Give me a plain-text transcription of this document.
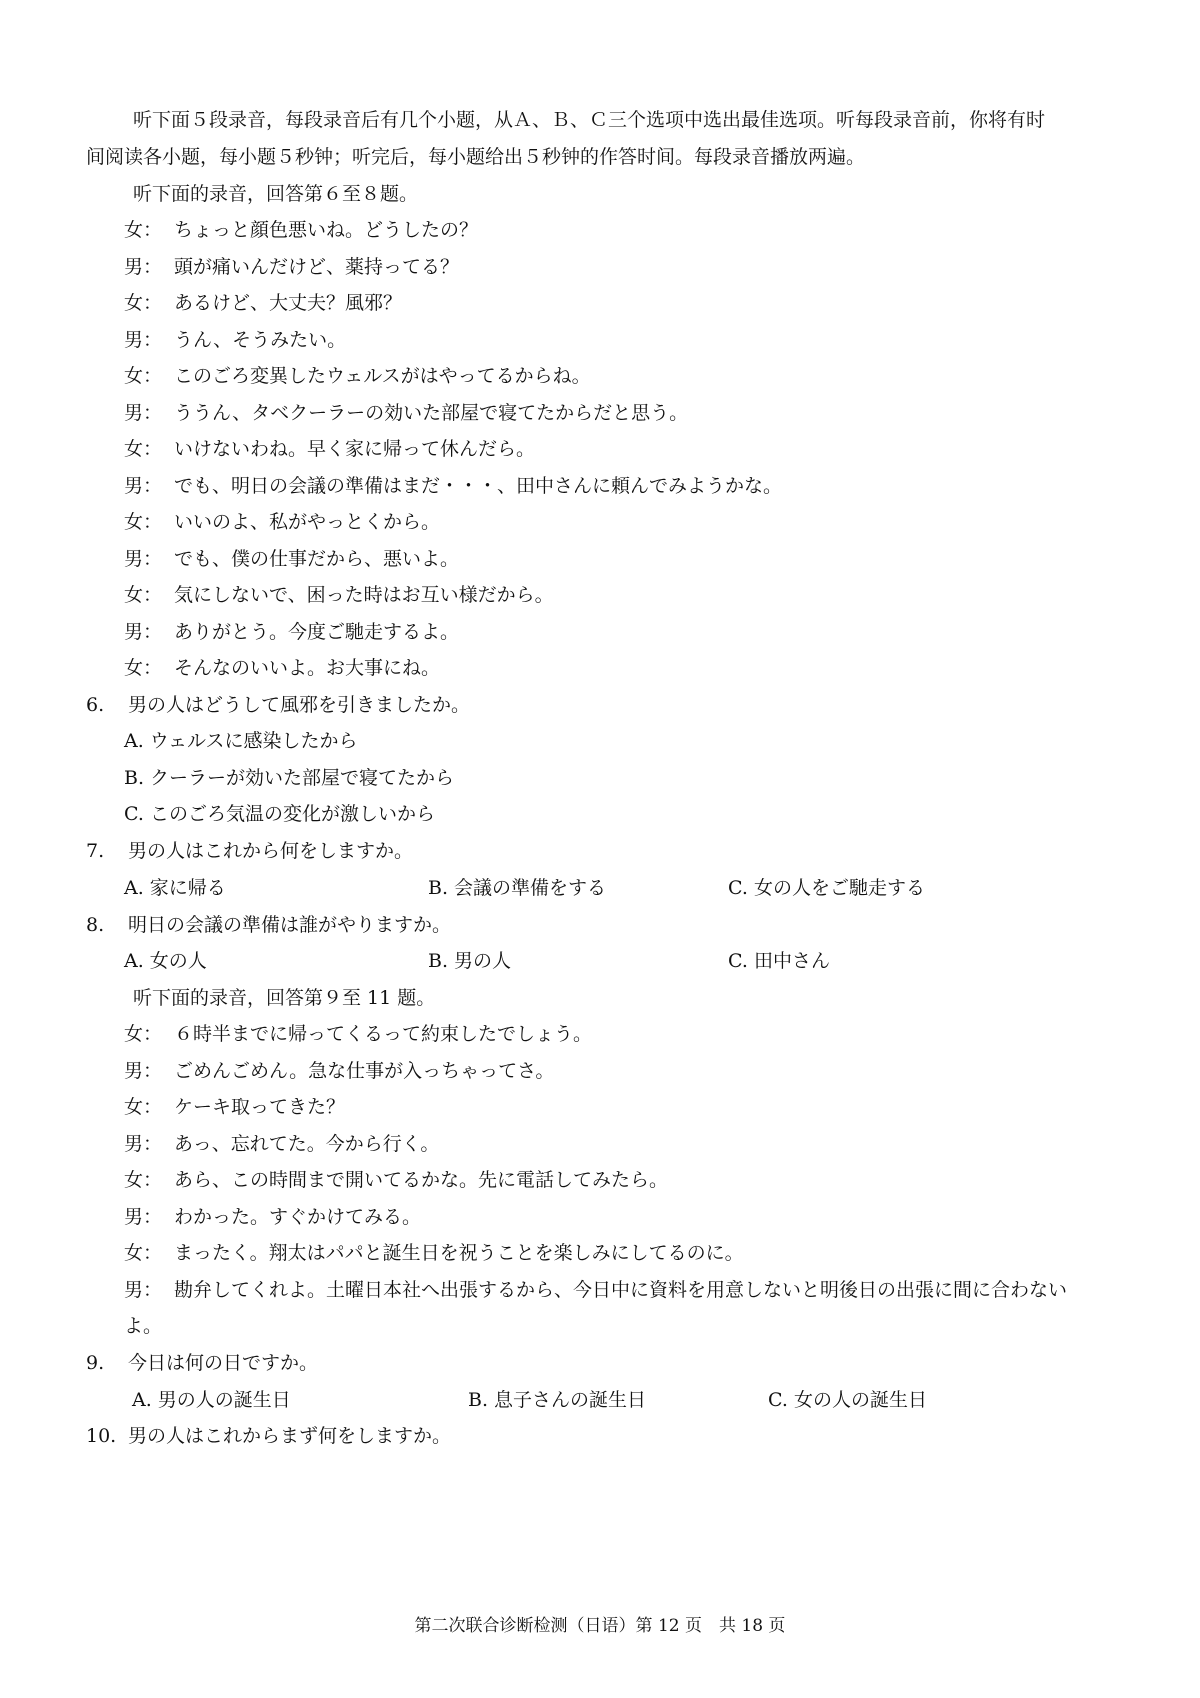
听下面５段录音，每段录音后有几个小题，从Ａ、Ｂ、Ｃ三个选项中选出最佳选项。听每段录音前，你将有时
间阅读各小题，每小题５秒钟；听完后，每小题给出５秒钟的作答时间。每段录音播放两遍。
听下面的录音，回答第６至８题。
女： ちょっと顔色悪いね。どうしたの？
男： 頭が痛いんだけど、薬持ってる？
女： あるけど、大丈夫？風邪？
男： うん、そうみたい。
女： このごろ変異したウェルスがはやってるからね。
男： ううん、タベクーラーの効いた部屋で寝てたからだと思う。
女： いけないわね。早く家に帰って休んだら。
男： でも、明日の会議の準備はまだ・・・、田中さんに頼んでみようかな。
女： いいのよ、私がやっとくから。
男： でも、僕の仕事だから、悪いよ。
女： 気にしないで、困った時はお互い様だから。
男： ありがとう。今度ご馳走するよ。
女： そんなのいいよ。お大事にね。
6. 男の人はどうして風邪を引きましたか。
A. ウェルスに感染したから
B. クーラーが効いた部屋で寝てたから
C. このごろ気温の変化が激しいから
7. 男の人はこれから何をしますか。
A. 家に帰る	B. 会議の準備をする	C. 女の人をご馳走する
8. 明日の会議の準備は誰がやりますか。
A. 女の人	B. 男の人	C. 田中さん
听下面的录音，回答第９至 11 题。
女： ６時半までに帰ってくるって約束したでしょう。
男： ごめんごめん。急な仕事が入っちゃってさ。
女： ケーキ取ってきた？
男： あっ、忘れてた。今から行く。
女： あら、この時間まで開いてるかな。先に電話してみたら。
男： わかった。すぐかけてみる。
女： まったく。翔太はパパと誕生日を祝うことを楽しみにしてるのに。
男： 勘弁してくれよ。土曜日本社へ出張するから、今日中に資料を用意しないと明後日の出張に間に合わない
よ。
9. 今日は何の日ですか。
A. 男の人の誕生日	B. 息子さんの誕生日	C. 女の人の誕生日
10. 男の人はこれからまず何をしますか。
第二次联合诊断检测（日语）第 12 页　共 18 页
